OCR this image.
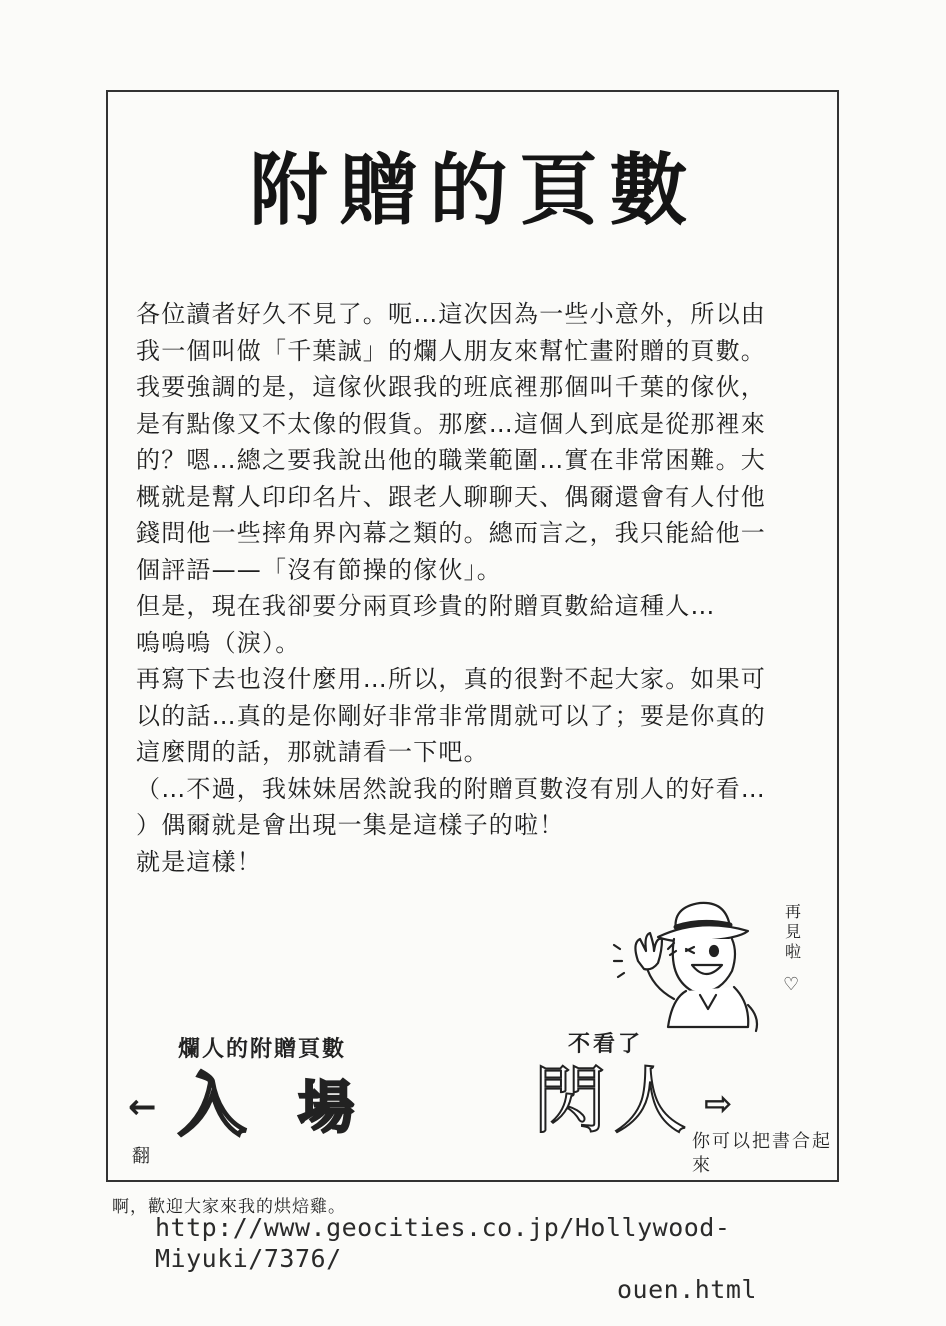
附贈的頁數
各位讀者好久不見了。呃…這次因為一些小意外，所以由
我一個叫做「千葉誠」的爛人朋友來幫忙畫附贈的頁數。
我要強調的是，這傢伙跟我的班底裡那個叫千葉的傢伙，
是有點像又不太像的假貨。那麼…這個人到底是從那裡來
的？嗯…總之要我說出他的職業範圍…實在非常困難。大
概就是幫人印印名片、跟老人聊聊天、偶爾還會有人付他
錢問他一些摔角界內幕之類的。總而言之，我只能給他一
個評語——「沒有節操的傢伙」。
但是，現在我卻要分兩頁珍貴的附贈頁數給這種人…
嗚嗚嗚（淚）。
再寫下去也沒什麼用…所以，真的很對不起大家。如果可
以的話…真的是你剛好非常非常閒就可以了；要是你真的
這麼閒的話，那就請看一下吧。
（…不過，我妹妹居然說我的附贈頁數沒有別人的好看…
）偶爾就是會出現一集是這樣子的啦！
就是這樣！
再
見
啦
♡
爛人的附贈頁數
←
翻
入 場
不看了
閃 人 ⇨
你可以把書合起來
啊，歡迎大家來我的烘焙雞。
http://www.geocities.co.jp/Hollywood-Miyuki/7376/
ouen.html
